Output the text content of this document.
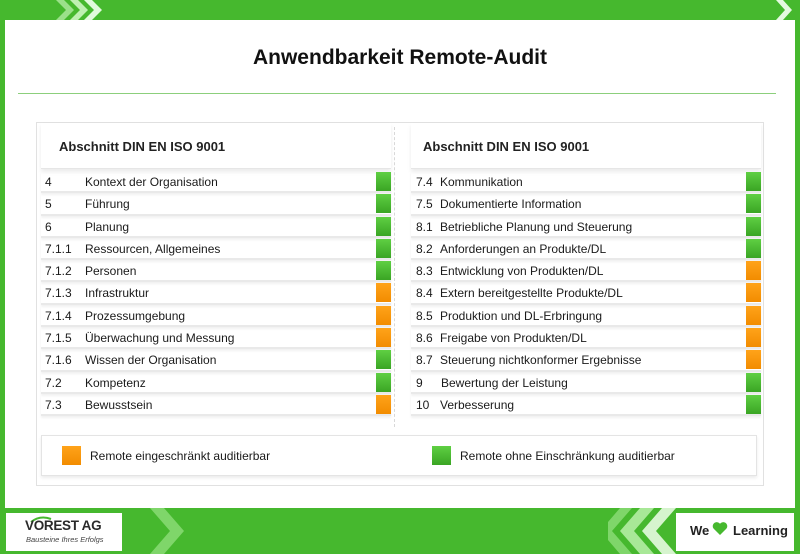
Anwendbarkeit Remote-Audit
Abschnitt DIN EN ISO 9001
4	Kontext der Organisation
5	Führung
6	Planung
7.1.1 Ressourcen, Allgemeines
7.1.2 Personen
7.1.3 Infrastruktur
7.1.4 Prozessumgebung
7.1.5 Überwachung und Messung
7.1.6 Wissen der Organisation
7.2 Kompetenz
7.3 Bewusstsein
Abschnitt DIN EN ISO 9001
7.4 Kommunikation
7.5 Dokumentierte Information
8.1 Betriebliche Planung und Steuerung
8.2 Anforderungen an Produkte/DL
8.3 Entwicklung von Produkten/DL
8.4 Extern bereitgestellte Produkte/DL
8.5 Produktion und DL-Erbringung
8.6 Freigabe von Produkten/DL
8.7 Steuerung nichtkonformer Ergebnisse
9 Bewertung der Leistung
10 Verbesserung
Remote eingeschränkt auditierbar	Remote ohne Einschränkung auditierbar
VOREST AG
Bausteine Ihres Erfolgs
We Learning
